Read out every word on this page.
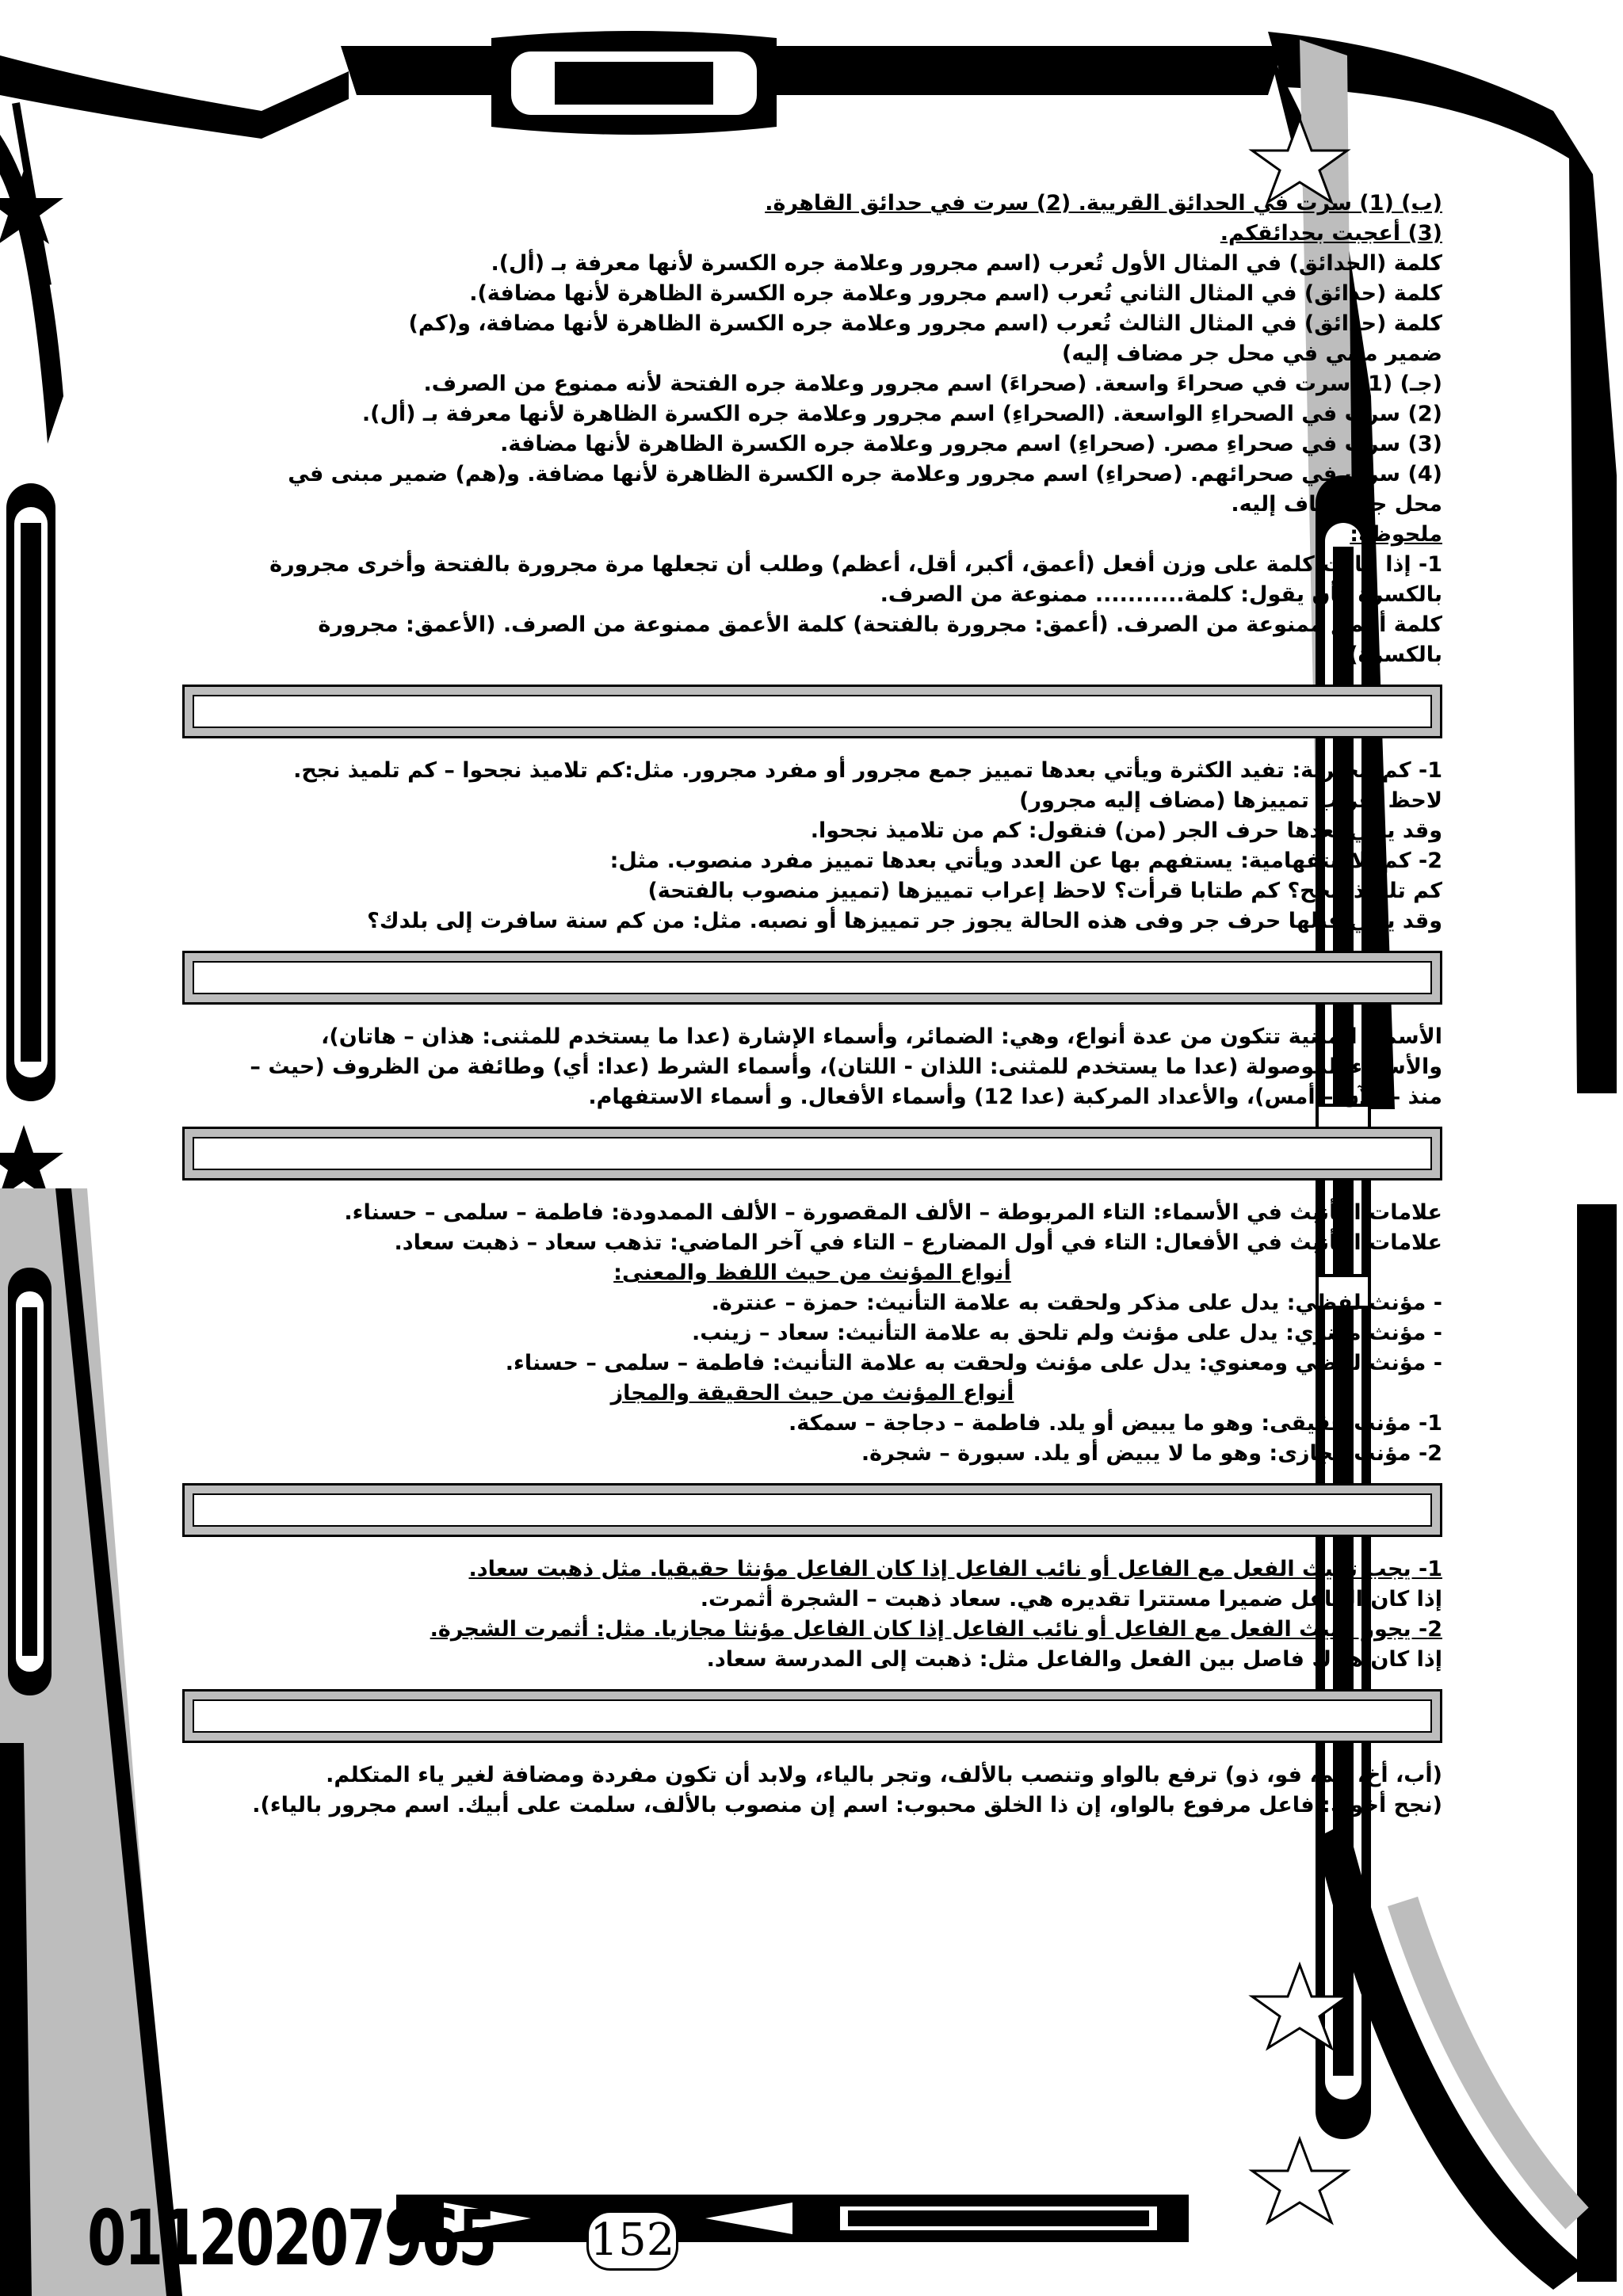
(ب) (1) سرت في الحدائق القريبة. (2) سرت في حدائق القاهرة.
(3) أعجبت بحدائقكم.
كلمة (الحدائق) في المثال الأول تُعرب (اسم مجرور وعلامة جره الكسرة لأنها معرفة بـ (أل).
كلمة (حدائق) في المثال الثاني تُعرب (اسم مجرور وعلامة جره الكسرة الظاهرة لأنها مضافة).
كلمة (حدائق) في المثال الثالث تُعرب (اسم مجرور وعلامة جره الكسرة الظاهرة لأنها مضافة، و(كم)
ضمير مبني في محل جر مضاف إليه)
(جـ) (1) سرت في صحراءَ واسعة. (صحراءَ) اسم مجرور وعلامة جره الفتحة لأنه ممنوع من الصرف.
(2) سرت في الصحراءِ الواسعة. (الصحراءِ) اسم مجرور وعلامة جره الكسرة الظاهرة لأنها معرفة بـ (أل).
(3) سرت في صحراءِ مصر. (صحراءِ) اسم مجرور وعلامة جره الكسرة الظاهرة لأنها مضافة.
(4) سرت في صحرائهم. (صحراءِ) اسم مجرور وعلامة جره الكسرة الظاهرة لأنها مضافة. و(هم) ضمير مبنى في
محل جر مضاف إليه.
ملحوظة:
1- إذا جاءت كلمة على وزن أفعل (أعمق، أكبر، أقل، أعظم) وطلب أن تجعلها مرة مجرورة بالفتحة وأخرى مجرورة
بالكسرة كأن يقول: كلمة........... ممنوعة من الصرف.
كلمة أعمق ممنوعة من الصرف. (أعمق: مجرورة بالفتحة) كلمة الأعمق ممنوعة من الصرف. (الأعمق: مجرورة
بالكسرة)
1- كم الخبرية: تفيد الكثرة ويأتي بعدها تمييز جمع مجرور أو مفرد مجرور. مثل:كم تلاميذ نجحوا – كم تلميذ نجح.
لاحظ إعراب تمييزها (مضاف إليه مجرور)
وقد يأتي بعدها حرف الجر (من) فنقول: كم من تلاميذ نجحوا.
2- كم الاستفهامية: يستفهم بها عن العدد ويأتي بعدها تمييز مفرد منصوب. مثل:
كم تلميذا نجح؟ كم طتابا قرأت؟ لاحظ إعراب تمييزها (تمييز منصوب بالفتحة)
وقد يأتي قبلها حرف جر وفى هذه الحالة يجوز جر تمييزها أو نصبه. مثل: من كم سنة سافرت إلى بلدك؟
الأسماء المبنية تتكون من عدة أنواع، وهي: الضمائر، وأسماء الإشارة (عدا ما يستخدم للمثنى: هذان – هاتان)،
والأسماء الموصولة (عدا ما يستخدم للمثنى: اللذان - اللتان)، وأسماء الشرط (عدا: أي) وطائفة من الظروف (حيث –
منذ – الآن – أمس)، والأعداد المركبة (عدا 12) وأسماء الأفعال. و أسماء الاستفهام.
علامات التأنيث في الأسماء: التاء المربوطة – الألف المقصورة – الألف الممدودة: فاطمة – سلمى – حسناء.
علامات التأنيث في الأفعال: التاء في أول المضارع – التاء في آخر الماضي: تذهب سعاد – ذهبت سعاد.
أنواع المؤنث من حيث اللفظ والمعنى:
- مؤنث لفظي: يدل على مذكر ولحقت به علامة التأنيث: حمزة – عنترة.
- مؤنث معنوي: يدل على مؤنث ولم تلحق به علامة التأنيث: سعاد – زينب.
- مؤنث لفظي ومعنوي: يدل على مؤنث ولحقت به علامة التأنيث: فاطمة – سلمى – حسناء.
أنواع المؤنث من حيث الحقيقة والمجاز
1- مؤنث حقيقى: وهو ما يبيض أو يلد. فاطمة – دجاجة – سمكة.
2- مؤنث مجازى: وهو ما لا يبيض أو يلد. سبورة – شجرة.
1- يجب تأنيث الفعل مع الفاعل أو نائب الفاعل إذا كان الفاعل مؤنثا حقيقيا. مثل ذهبت سعاد.
إذا كان الفاعل ضميرا مستترا تقديره هي. سعاد ذهبت – الشجرة أثمرت.
2- يجوز تأنيث الفعل مع الفاعل أو نائب الفاعل إذا كان الفاعل مؤنثا مجازيا. مثل: أثمرت الشجرة.
إذا كان هناك فاصل بين الفعل والفاعل مثل: ذهبت إلى المدرسة سعاد.
(أب، أخ، حم، فو، ذو) ترفع بالواو وتنصب بالألف، وتجر بالياء، ولابد أن تكون مفردة ومضافة لغير ياء المتكلم.
(نجح أخوك: فاعل مرفوع بالواو، إن ذا الخلق محبوب: اسم إن منصوب بالألف، سلمت على أبيك. اسم مجرور بالياء).
01120207965 152
